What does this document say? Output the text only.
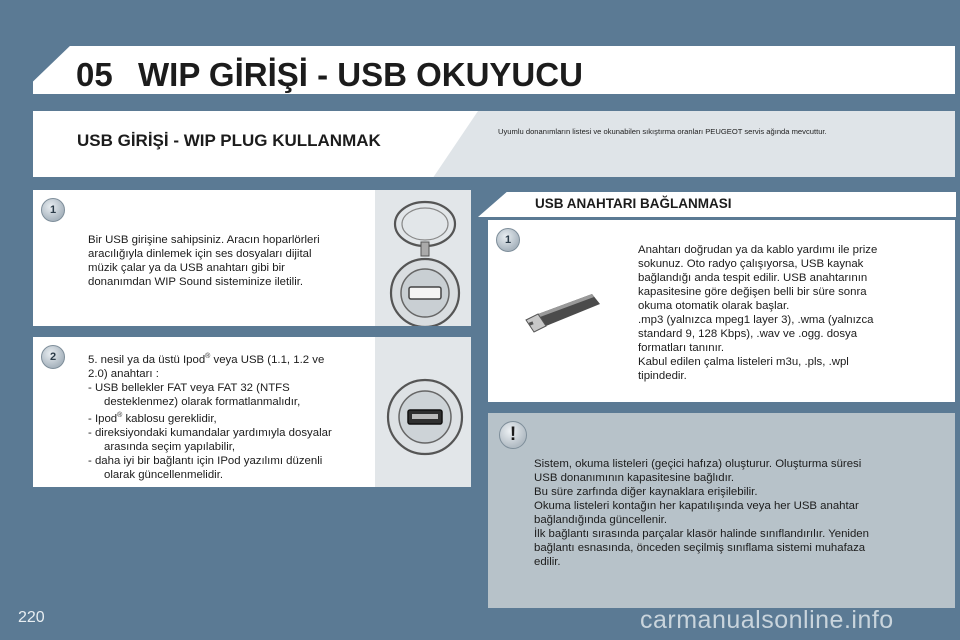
05 WIP GİRİŞİ - USB OKUYUCU
USB GİRİŞİ - WIP PLUG KULLANMAK	Uyumlu donanımların listesi ve okunabilen sıkıştırma oranları PEUGEOT servis ağında mevcuttur.
1

Bir USB girişine sahipsiniz. Aracın hoparlörleri

aracılığıyla dinlemek için ses dosyaları dijital

müzik çalar ya da USB anahtarı gibi bir

donanımdan WIP Sound sisteminize iletilir.

2	5. nesil ya da üstü Ipod® veya USB (1.1, 1.2 ve

2.0) anahtarı :

- USB bellekler FAT veya FAT 32 (NTFS

desteklenmez) olarak formatlanmalıdır,

- Ipod® kablosu gereklidir,

- direksiyondaki kumandalar yardımıyla dosyalar

arasında seçim yapılabilir,

- daha iyi bir bağlantı için IPod yazılımı düzenli

olarak güncellenmelidir.

USB ANAHTARI BAĞLANMASI
1

Anahtarı doğrudan ya da kablo yardımı ile prize

sokunuz. Oto radyo çalışıyorsa, USB kaynak

bağlandığı anda tespit edilir. USB anahtarının

kapasitesine göre değişen belli bir süre sonra

okuma otomatik olarak başlar.

.mp3 (yalnızca mpeg1 layer 3), .wma (yalnızca

standard 9, 128 Kbps), .wav ve .ogg. dosya

formatları tanınır.

Kabul edilen çalma listeleri m3u, .pls, .wpl

tipindedir.

!

Sistem, okuma listeleri (geçici hafıza) oluşturur. Oluşturma süresi

USB donanımının kapasitesine bağlıdır.

Bu süre zarfında diğer kaynaklara erişilebilir.

Okuma listeleri kontağın her kapatılışında veya her USB anahtar

bağlandığında güncellenir.

İlk bağlantı sırasında parçalar klasör halinde sınıflandırılır. Yeniden

bağlantı esnasında, önceden seçilmiş sınıflama sistemi muhafaza

edilir.

220	carmanualsonline.info
